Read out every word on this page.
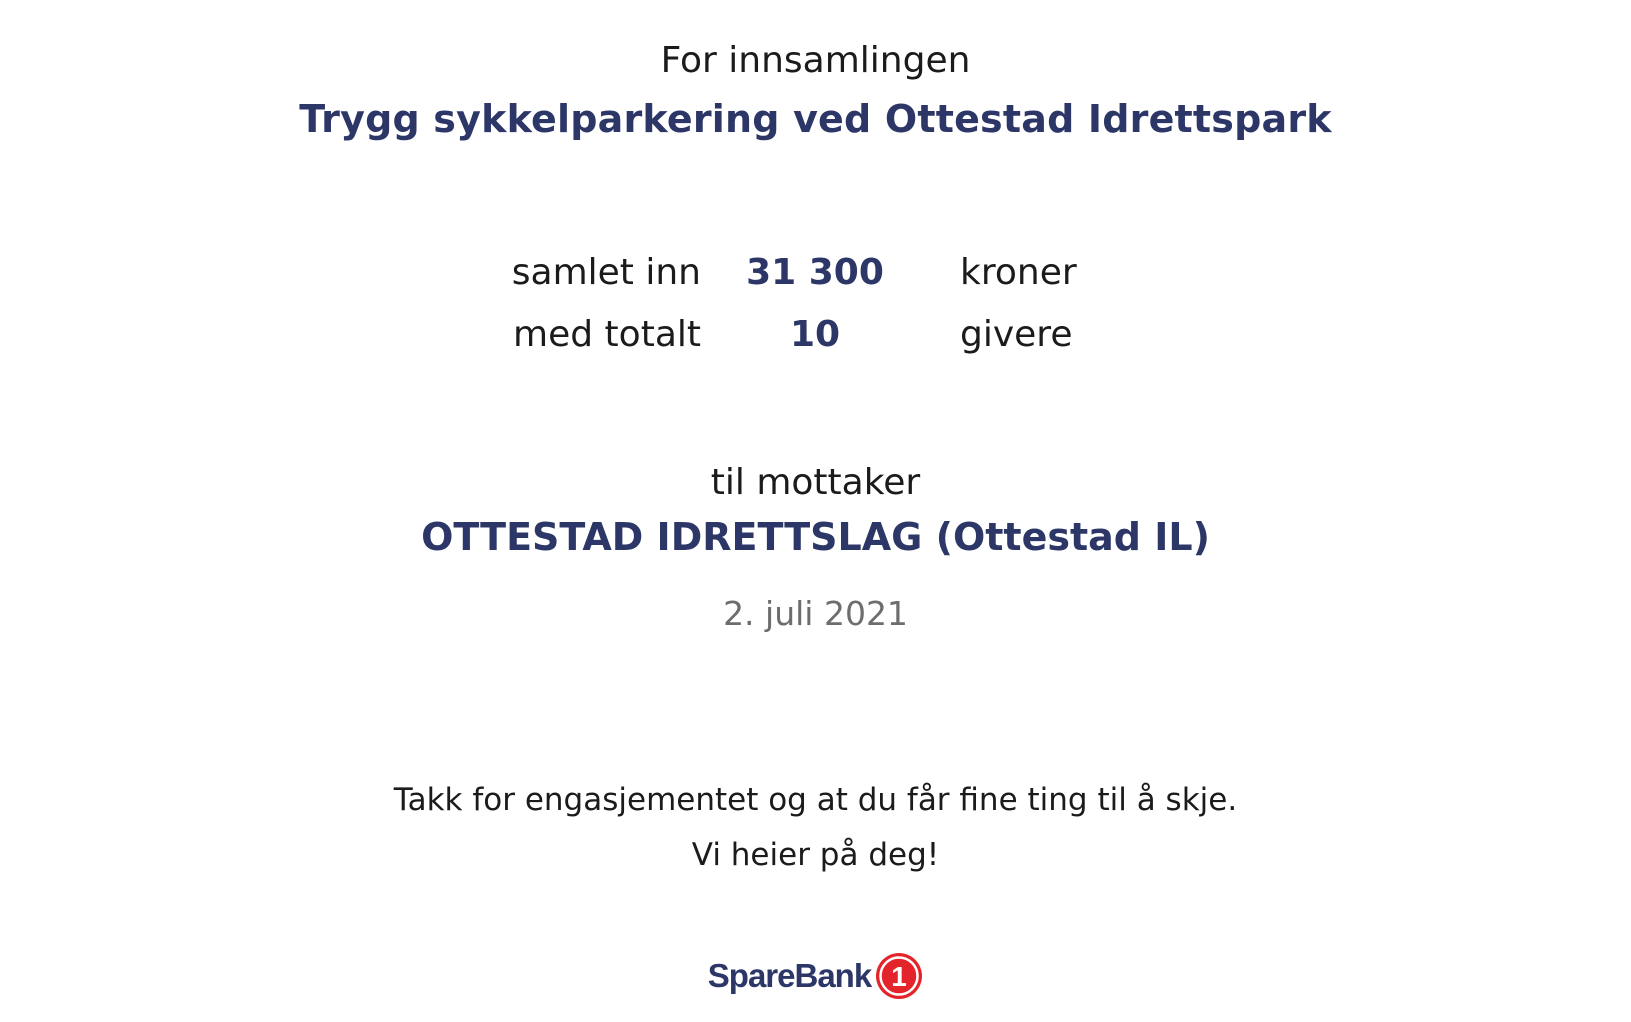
For innsamlingen
Trygg sykkelparkering ved Ottestad Idrettspark
samlet inn	31 300	kroner
med totalt	10	givere
til mottaker
OTTESTAD IDRETTSLAG (Ottestad IL)
2. juli 2021
Takk for engasjementet og at du får fine ting til å skje.
Vi heier på deg!
SpareBank 1
